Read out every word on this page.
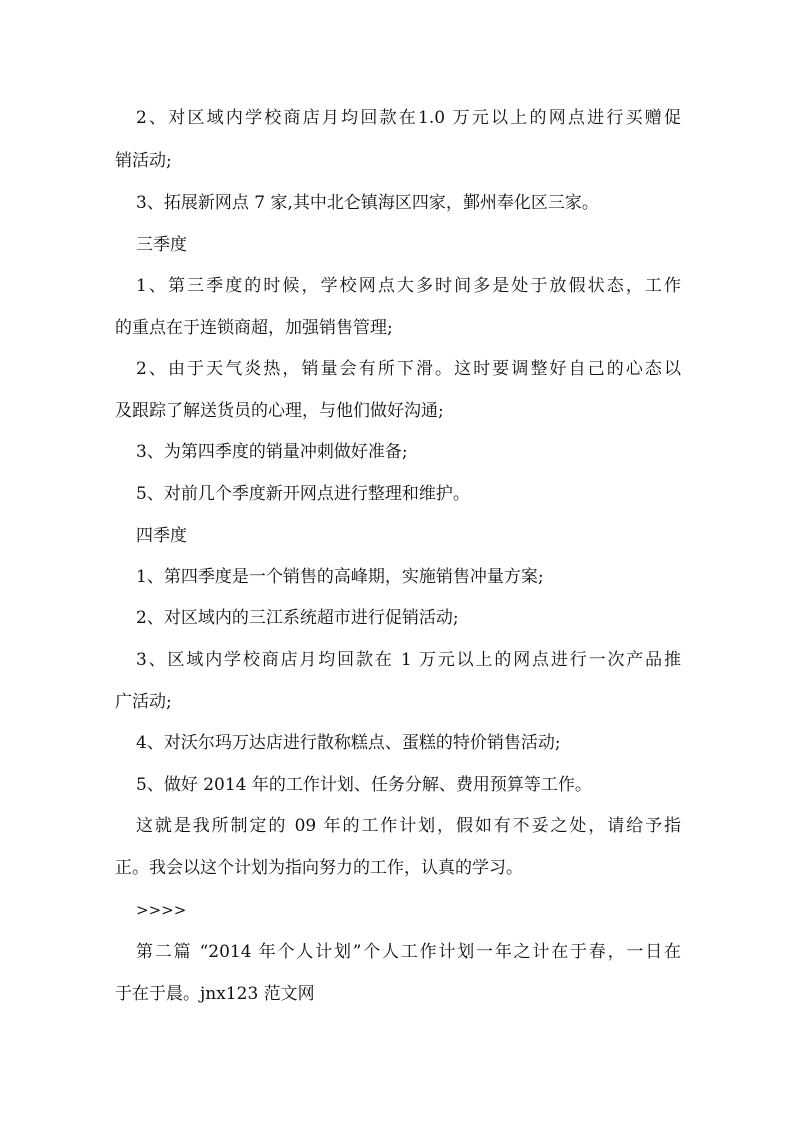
2、对区域内学校商店月均回款在1.0 万元以上的网点进行买赠促

销活动;

3、拓展新网点 7 家,其中北仑镇海区四家，鄞州奉化区三家。

三季度

1、第三季度的时候，学校网点大多时间多是处于放假状态，工作

的重点在于连锁商超，加强销售管理;

2、由于天气炎热，销量会有所下滑。这时要调整好自己的心态以

及跟踪了解送货员的心理，与他们做好沟通;

3、为第四季度的销量冲刺做好准备;

5、对前几个季度新开网点进行整理和维护。

四季度

1、第四季度是一个销售的高峰期，实施销售冲量方案;

2、对区域内的三江系统超市进行促销活动;

3、区域内学校商店月均回款在 1 万元以上的网点进行一次产品推

广活动;

4、对沃尔玛万达店进行散称糕点、蛋糕的特价销售活动;

5、做好 2014 年的工作计划、任务分解、费用预算等工作。

这就是我所制定的 09 年的工作计划，假如有不妥之处，请给予指

正。我会以这个计划为指向努力的工作，认真的学习。

>>>>

第二篇 “2014 年个人计划”个人工作计划一年之计在于春，一日在

于在于晨。jnx123 范文网
